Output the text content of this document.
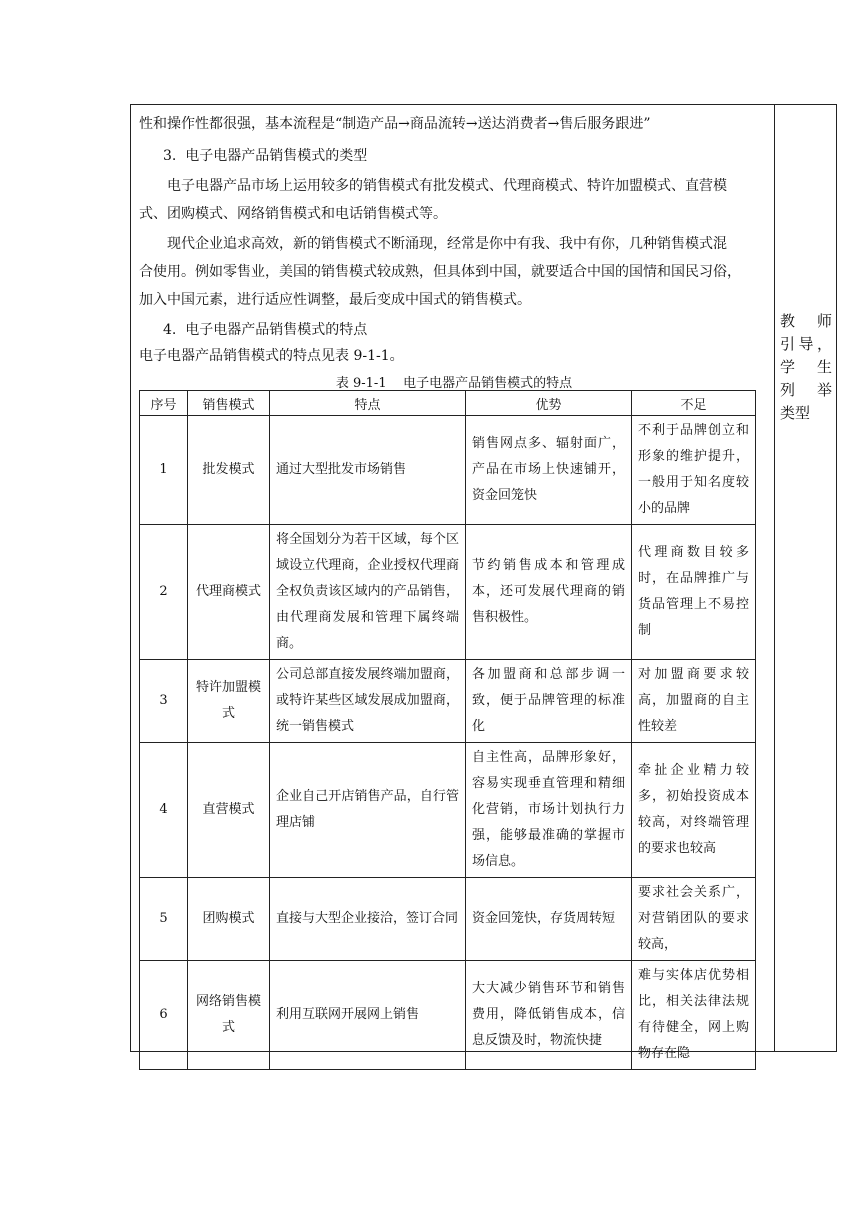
性和操作性都很强，基本流程是“制造产品→商品流转→送达消费者→售后服务跟进”
3.  电子电器产品销售模式的类型
电子电器产品市场上运用较多的销售模式有批发模式、代理商模式、特许加盟模式、直营模
式、团购模式、网络销售模式和电话销售模式等。
现代企业追求高效，新的销售模式不断涌现，经常是你中有我、我中有你，几种销售模式混
合使用。例如零售业，美国的销售模式较成熟，但具体到中国，就要适合中国的国情和国民习俗，
加入中国元素，进行适应性调整，最后变成中国式的销售模式。
4.  电子电器产品销售模式的特点
电子电器产品销售模式的特点见表 9-1-1。
表 9-1-1    电子电器产品销售模式的特点
教 师
引导，
学 生
列 举
类型
序号	销售模式	特点	优势	不足
1	批发模式	通过大型批发市场销售	销售网点多、辐射面广，产品在市场上快速铺开，资金回笼快	不利于品牌创立和形象的维护提升，一般用于知名度较小的品牌
2	代理商模式	将全国划分为若干区域，每个区域设立代理商，企业授权代理商全权负责该区域内的产品销售，由代理商发展和管理下属终端商。	节约销售成本和管理成本，还可发展代理商的销售积极性。	代理商数目较多时，在品牌推广与货品管理上不易控制
3	特许加盟模式	公司总部直接发展终端加盟商，或特许某些区域发展成加盟商，统一销售模式	各加盟商和总部步调一致，便于品牌管理的标准化	对加盟商要求较高，加盟商的自主性较差
4	直营模式	企业自己开店销售产品，自行管理店铺	自主性高，品牌形象好，容易实现垂直管理和精细化营销，市场计划执行力强，能够最准确的掌握市场信息。	牵扯企业精力较多，初始投资成本较高，对终端管理的要求也较高
5	团购模式	直接与大型企业接洽，签订合同	资金回笼快，存货周转短	要求社会关系广，对营销团队的要求较高，
6	网络销售模式	利用互联网开展网上销售	大大减少销售环节和销售费用，降低销售成本，信息反馈及时，物流快捷	难与实体店优势相比，相关法律法规有待健全，网上购物存在隐
